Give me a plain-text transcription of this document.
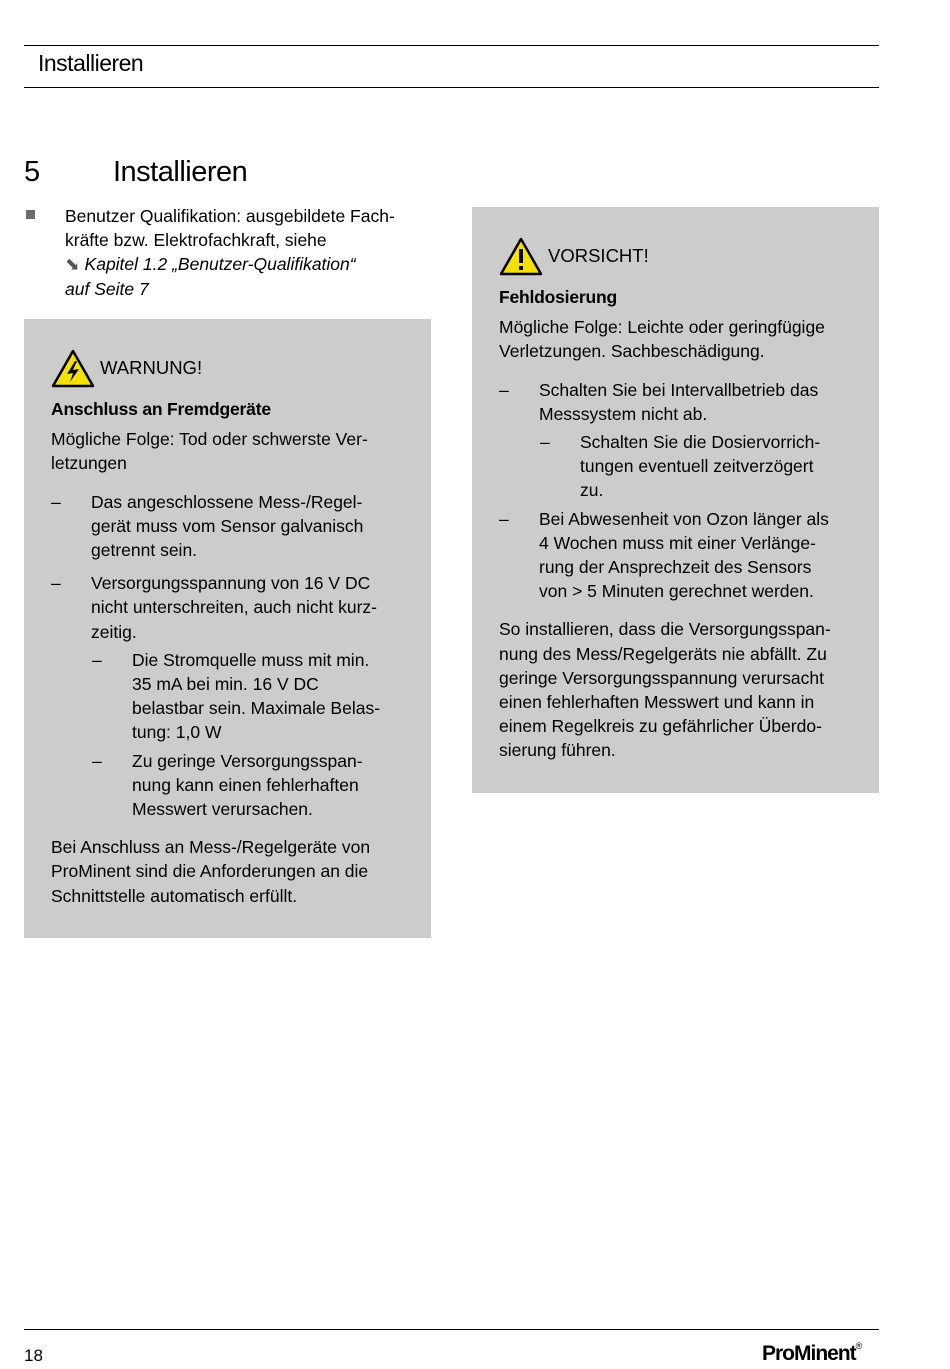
Installieren
5	Installieren
Benutzer Qualifikation: ausgebildete Fach-
kräfte bzw. Elektrofachkraft, siehe
⬊ Kapitel 1.2 „Benutzer-Qualifikation“
auf Seite 7
WARNUNG!
Anschluss an Fremdgeräte
Mögliche Folge: Tod oder schwerste Ver-
letzungen
– Das angeschlossene Mess-/Regel-
gerät muss vom Sensor galvanisch
getrennt sein.
– Versorgungsspannung von 16 V DC
nicht unterschreiten, auch nicht kurz-
zeitig.
– Die Stromquelle muss mit min.
35 mA bei min. 16 V DC
belastbar sein. Maximale Belas-
tung: 1,0 W
– Zu geringe Versorgungsspan-
nung kann einen fehlerhaften
Messwert verursachen.
Bei Anschluss an Mess-/Regelgeräte von
ProMinent sind die Anforderungen an die
Schnittstelle automatisch erfüllt.
VORSICHT!
Fehldosierung
Mögliche Folge: Leichte oder geringfügige
Verletzungen. Sachbeschädigung.
– Schalten Sie bei Intervallbetrieb das
Messsystem nicht ab.
– Schalten Sie die Dosiervorrich-
tungen eventuell zeitverzögert
zu.
– Bei Abwesenheit von Ozon länger als
4 Wochen muss mit einer Verlänge-
rung der Ansprechzeit des Sensors
von > 5 Minuten gerechnet werden.
So installieren, dass die Versorgungsspan-
nung des Mess/Regelgeräts nie abfällt. Zu
geringe Versorgungsspannung verursacht
einen fehlerhaften Messwert und kann in
einem Regelkreis zu gefährlicher Überdo-
sierung führen.
18	ProMinent®
